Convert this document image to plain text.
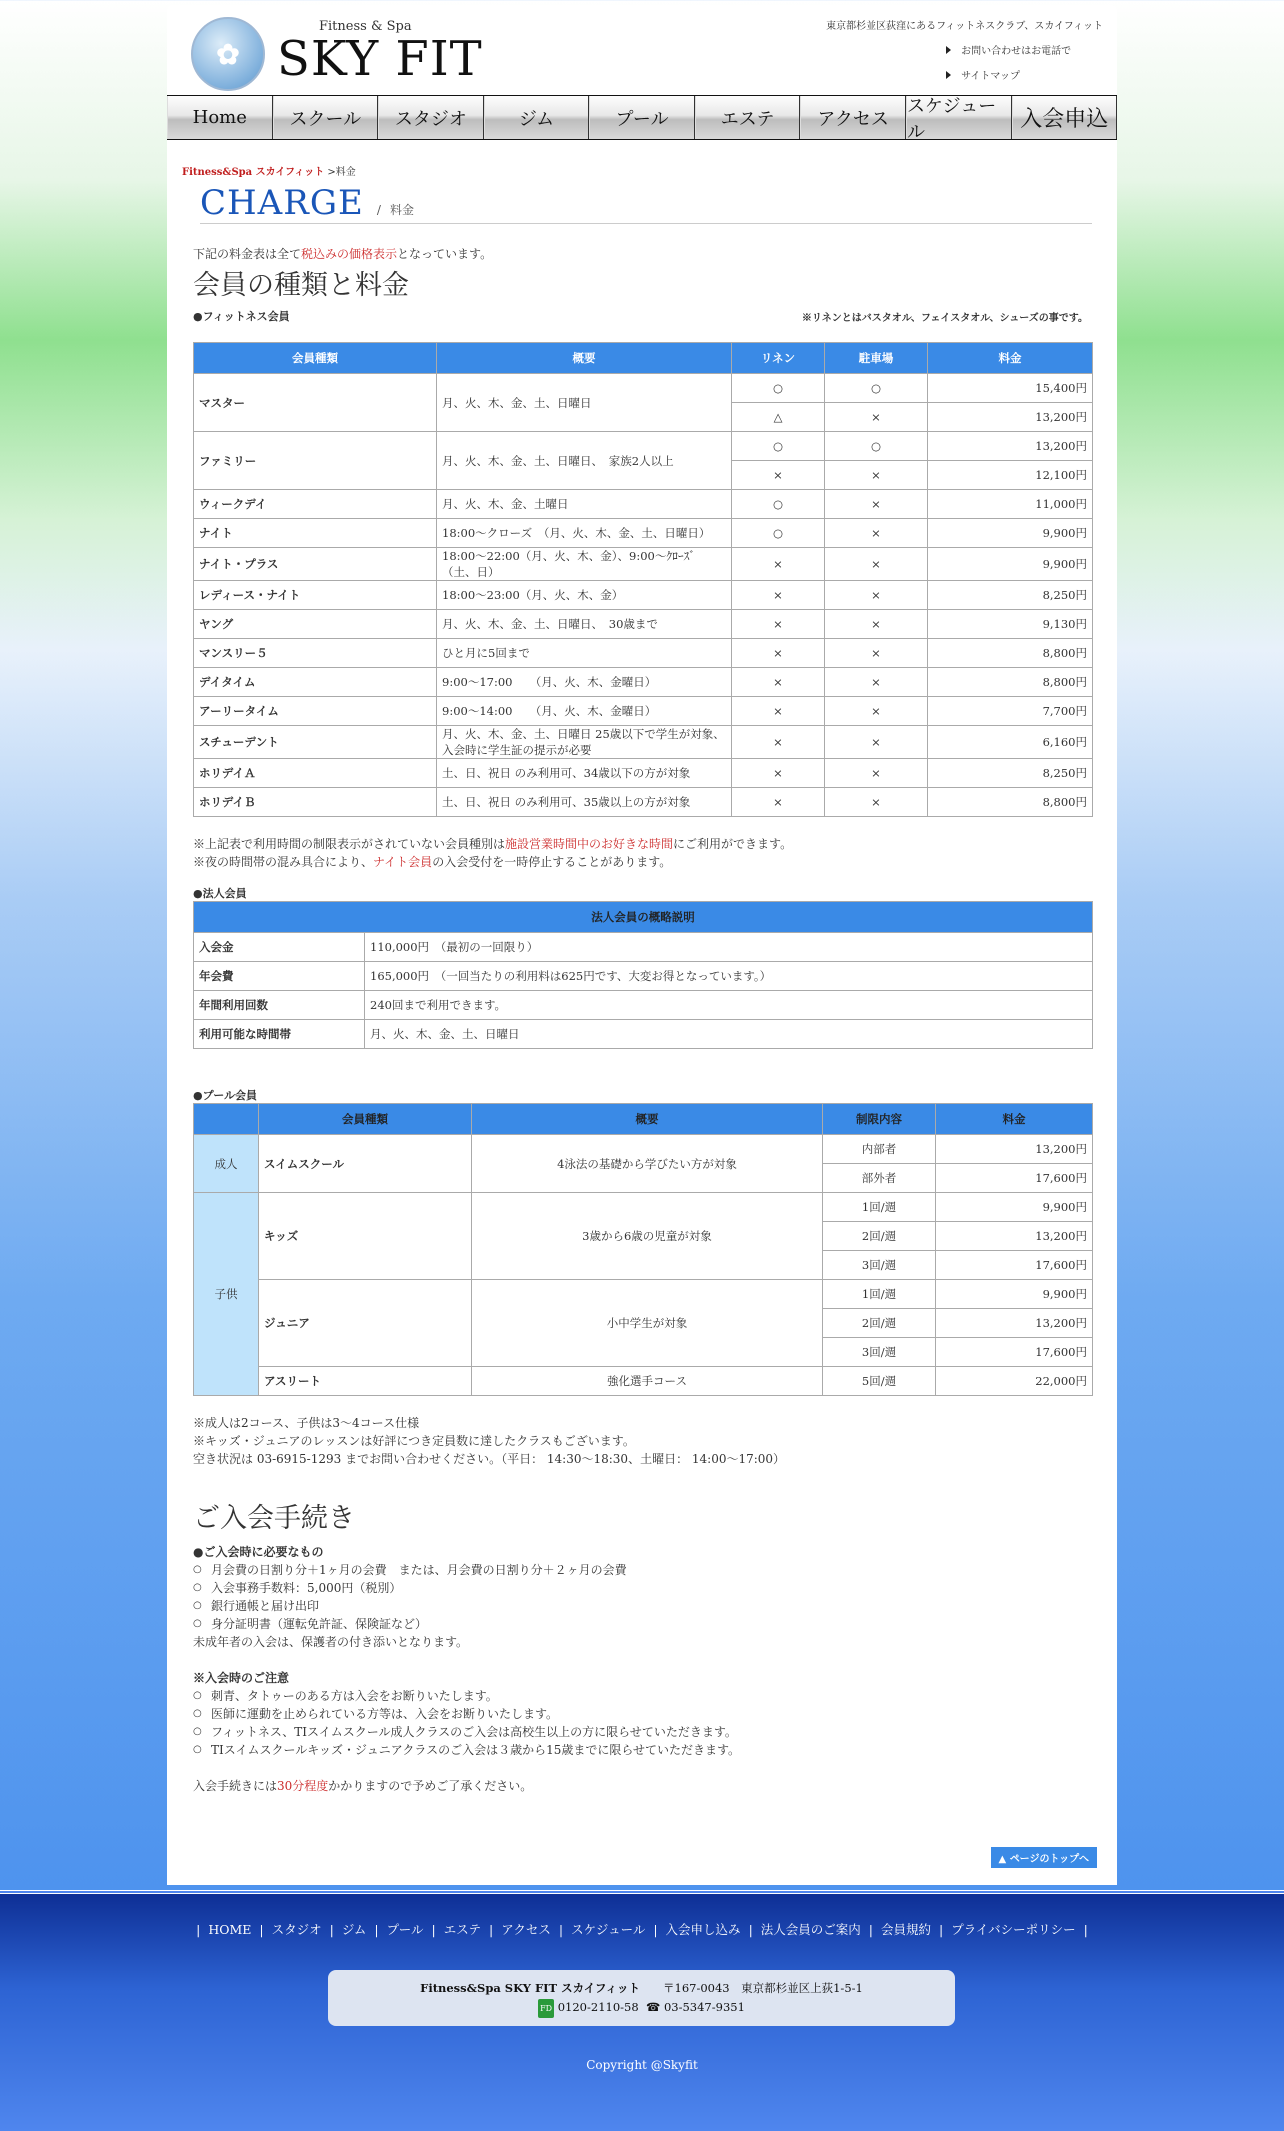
✿
Fitness & Spa
SKY FIT
東京都杉並区荻窪にあるフィットネスクラブ、スカイフィット
お問い合わせはお電話で
サイトマップ
Home	スクール	スタジオ	ジム	プール	エステ	アクセス
スケジュール	入会申込
Fitness&Spa スカイフィット >料金
CHARGE / 料金
下記の料金表は全て税込みの価格表示となっています。
会員の種類と料金
●フィットネス会員	※リネンとはバスタオル、フェイスタオル、シューズの事です。
会員種類	概要	リネン	駐車場	料金
マスター	月、火、木、金、土、日曜日	○	○	15,400円
		△	×	13,200円
ファミリー	月、火、木、金、土、日曜日、　家族2人以上	○	○	13,200円
		×	×	12,100円
ウィークデイ	月、火、木、金、土曜日	○	×	11,000円
ナイト	18:00～クローズ　（月、火、木、金、土、日曜日）	○	×	9,900円
ナイト・プラス	18:00～22:00（月、火、木、金）、9:00～ｸﾛｰｽﾞ（土、日）	×	×	9,900円
レディース・ナイト	18:00～23:00（月、火、木、金）	×	×	8,250円
ヤング	月、火、木、金、土、日曜日、　30歳まで	×	×	9,130円
マンスリー５	ひと月に5回まで	×	×	8,800円
デイタイム	9:00～17:00　　（月、火、木、金曜日）	×	×	8,800円
アーリータイム	9:00～14:00　　（月、火、木、金曜日）	×	×	7,700円
スチューデント	月、火、木、金、土、日曜日 25歳以下で学生が対象、入会時に学生証の提示が必要	×	×	6,160円
ホリデイＡ	土、日、祝日 のみ利用可、34歳以下の方が対象	×	×	8,250円
ホリデイＢ	土、日、祝日 のみ利用可、35歳以上の方が対象	×	×	8,800円
※上記表で利用時間の制限表示がされていない会員種別は施設営業時間中のお好きな時間にご利用ができます。
※夜の時間帯の混み具合により、ナイト会員の入会受付を一時停止することがあります。
●法人会員
法人会員の概略説明	
入会金	110,000円　（最初の一回限り）
年会費	165,000円　（一回当たりの利用料は625円です、大変お得となっています。）
年間利用回数	240回まで利用できます。
利用可能な時間帯	月、火、木、金、土、日曜日
●プール会員
	会員種類	概要	制限内容	料金
成人	スイムスクール	4泳法の基礎から学びたい方が対象	内部者	13,200円
			部外者	17,600円
子供	キッズ	3歳から6歳の児童が対象	1回/週	9,900円
			2回/週	13,200円
			3回/週	17,600円
	ジュニア	小中学生が対象	1回/週	9,900円
			2回/週	13,200円
			3回/週	17,600円
	アスリート	強化選手コース	5回/週	22,000円
※成人は2コース、子供は3～4コース仕様
※キッズ・ジュニアのレッスンは好評につき定員数に達したクラスもございます。
空き状況は 03-6915-1293 までお問い合わせください。（平日： 14:30～18:30、土曜日： 14:00～17:00）
ご入会手続き
●ご入会時に必要なもの
○ 月会費の日割り分＋1ヶ月の会費　または、月会費の日割り分＋２ヶ月の会費
○ 入会事務手数料：5,000円（税別）
○ 銀行通帳と届け出印
○ 身分証明書（運転免許証、保険証など）
未成年者の入会は、保護者の付き添いとなります。
※入会時のご注意
○ 刺青、タトゥーのある方は入会をお断りいたします。
○ 医師に運動を止められている方等は、入会をお断りいたします。
○ フィットネス、TIスイムスクール成人クラスのご入会は高校生以上の方に限らせていただきます。
○ TIスイムスクールキッズ・ジュニアクラスのご入会は３歳から15歳までに限らせていただきます。
入会手続きには30分程度かかりますので予めご了承ください。
▲ ページのトップへ
| HOME | スタジオ | ジム | プール | エステ | アクセス | スケジュール | 入会申し込み | 法人会員のご案内 | 会員規約 | プライバシーポリシー |
Fitness&Spa SKY FIT スカイフィット　　 〒167-0043　東京都杉並区上荻1-5-1
FD 0120-2110-58 ☎ 03-5347-9351
Copyright @Skyfit
